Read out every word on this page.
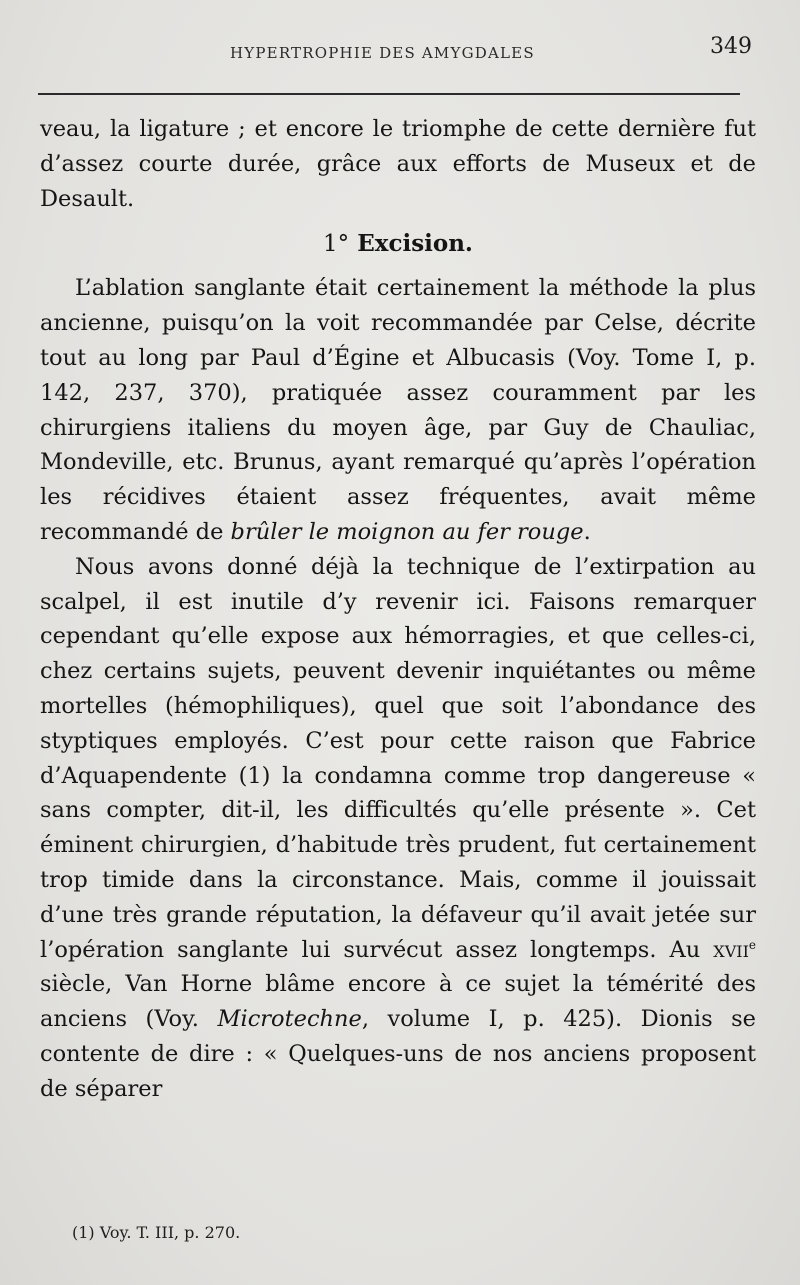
HYPERTROPHIE DES AMYGDALES	349

veau, la ligature ; et encore le triomphe de cette dernière fut d’assez courte durée, grâce aux efforts de Museux et de Desault.

1° Excision.

L’ablation sanglante était certainement la méthode la plus ancienne, puisqu’on la voit recommandée par Celse, décrite tout au long par Paul d’Égine et Albucasis (Voy. Tome I, p. 142, 237, 370), pratiquée assez couramment par les chirurgiens italiens du moyen âge, par Guy de Chauliac, Mondeville, etc. Brunus, ayant remarqué qu’après l’opération les récidives étaient assez fréquentes, avait même recommandé de brûler le moignon au fer rouge.

Nous avons donné déjà la technique de l’extirpation au scalpel, il est inutile d’y revenir ici. Faisons remarquer cependant qu’elle expose aux hémorragies, et que celles-ci, chez certains sujets, peuvent devenir inquiétantes ou même mortelles (hémophiliques), quel que soit l’abondance des styptiques employés. C’est pour cette raison que Fabrice d’Aquapendente (1) la condamna comme trop dangereuse « sans compter, dit-il, les difficultés qu’elle présente ». Cet éminent chirurgien, d’habitude très prudent, fut certainement trop timide dans la circonstance. Mais, comme il jouissait d’une très grande réputation, la défaveur qu’il avait jetée sur l’opération sanglante lui survécut assez longtemps. Au xvii$^e$ siècle, Van Horne blâme encore à ce sujet la témérité des anciens (Voy. Microtechne, volume I, p. 425). Dionis se contente de dire : « Quelques-uns de nos anciens proposent de séparer

(1) Voy. T. III, p. 270.
